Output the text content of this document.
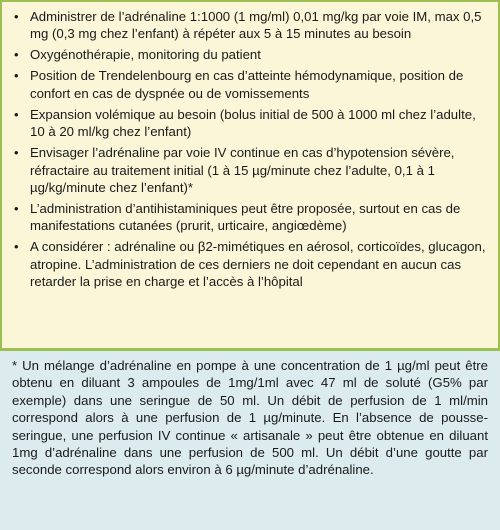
• Administrer de l’adrénaline 1:1000 (1 mg/ml) 0,01 mg/kg par voie IM, max 0,5 mg (0,3 mg chez l’enfant) à répéter aux 5 à 15 minutes au besoin
• Oxygénothérapie, monitoring du patient
• Position de Trendelenbourg en cas d’atteinte hémodynamique, position de confort en cas de dyspnée ou de vomissements
• Expansion volémique au besoin (bolus initial de 500 à 1000 ml chez l’adulte, 10 à 20 ml/kg chez l’enfant)
• Envisager l’adrénaline par voie IV continue en cas d’hypotension sévère, réfractaire au traitement initial (1 à 15 µg/minute chez l’adulte, 0,1 à 1 µg/kg/minute chez l’enfant)*
• L’administration d’antihistaminiques peut être proposée, surtout en cas de manifestations cutanées (prurit, urticaire, angiœdème)
• A considérer : adrénaline ou β2-mimétiques en aérosol, corticoïdes, glucagon, atropine. L’administration de ces derniers ne doit cependant en aucun cas retarder la prise en charge et l’accès à l’hôpital

* Un mélange d’adrénaline en pompe à une concentration de 1 µg/ml peut être obtenu en diluant 3 ampoules de 1mg/1ml avec 47 ml de soluté (G5% par exemple) dans une seringue de 50 ml. Un débit de perfusion de 1 ml/min correspond alors à une perfusion de 1 µg/minute. En l’absence de pousse-seringue, une perfusion IV continue « artisanale » peut être obtenue en diluant 1mg d’adrénaline dans une perfusion de 500 ml. Un débit d’une goutte par seconde correspond alors environ à 6 µg/minute d’adrénaline.
